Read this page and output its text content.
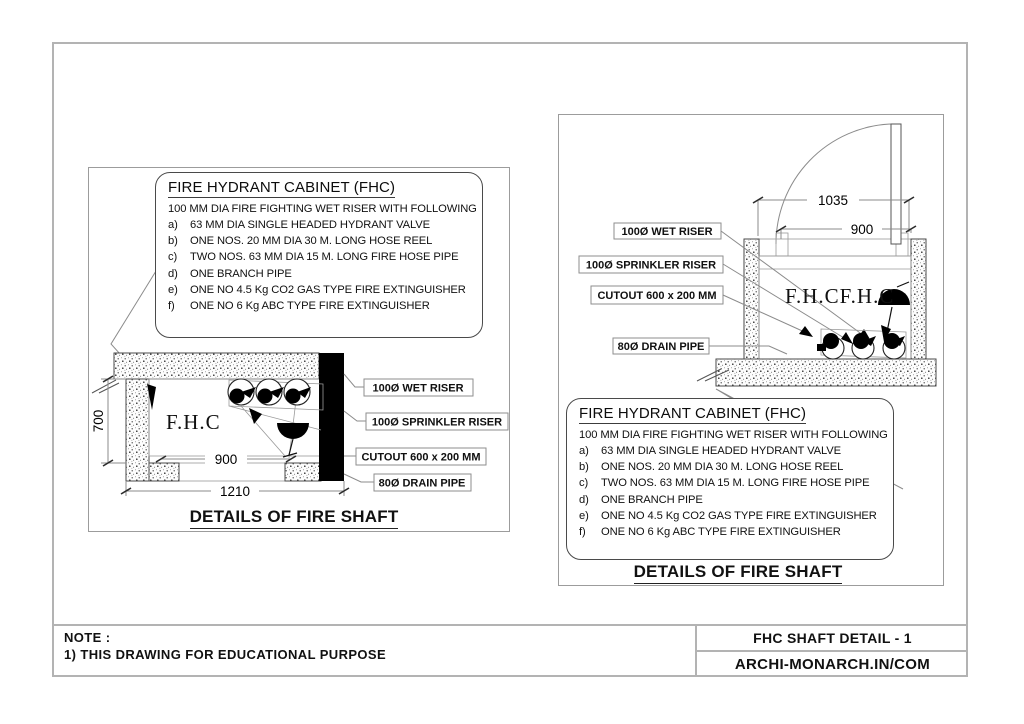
NOTE :
1) THIS DRAWING FOR EDUCATIONAL PURPOSE
FHC SHAFT DETAIL - 1
ARCHI-MONARCH.IN/COM
700
900
1210
F.H.C
100Ø WET RISER
100Ø SPRINKLER RISER
CUTOUT 600 x 200 MM
80Ø DRAIN PIPE
FIRE HYDRANT CABINET (FHC)
100 MM DIA FIRE FIGHTING WET RISER WITH FOLLOWING
a)	63 MM DIA SINGLE HEADED HYDRANT VALVE
b)	ONE NOS. 20 MM DIA 30 M. LONG HOSE REEL
c)	TWO NOS. 63 MM DIA 15 M. LONG FIRE HOSE PIPE
d)	ONE BRANCH PIPE
e)	ONE NO 4.5 Kg CO2 GAS TYPE FIRE EXTINGUISHER
f)	ONE NO 6 Kg ABC TYPE FIRE EXTINGUISHER
DETAILS OF FIRE SHAFT
1035
900
F.H.CF.H.C
100Ø WET RISER
100Ø SPRINKLER RISER
CUTOUT 600 x 200 MM
80Ø DRAIN PIPE
FIRE HYDRANT CABINET (FHC)
100 MM DIA FIRE FIGHTING WET RISER WITH FOLLOWING
a)	63 MM DIA SINGLE HEADED HYDRANT VALVE
b)	ONE NOS. 20 MM DIA 30 M. LONG HOSE REEL
c)	TWO NOS. 63 MM DIA 15 M. LONG FIRE HOSE PIPE
d)	ONE BRANCH PIPE
e)	ONE NO 4.5 Kg CO2 GAS TYPE FIRE EXTINGUISHER
f)	ONE NO 6 Kg ABC TYPE FIRE EXTINGUISHER
DETAILS OF FIRE SHAFT
